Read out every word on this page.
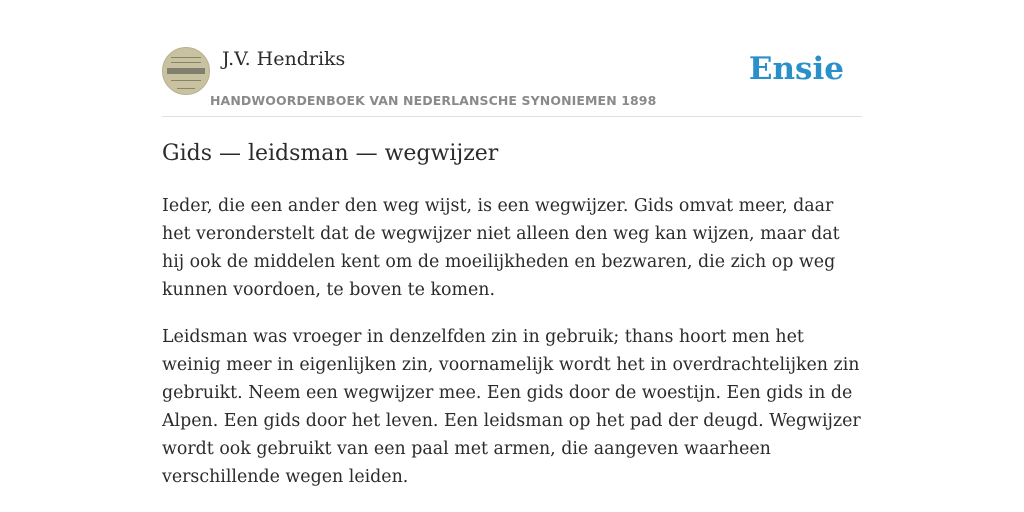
J.V. Hendriks
HANDWOORDENBOEK VAN NEDERLANSCHE SYNONIEMEN 1898
Ensie
Gids — leidsman — wegwijzer

Ieder, die een ander den weg wijst, is een wegwijzer. Gids omvat meer, daar het veronderstelt dat de wegwijzer niet alleen den weg kan wijzen, maar dat hij ook de middelen kent om de moeilijkheden en bezwaren, die zich op weg kunnen voordoen, te boven te komen.

Leidsman was vroeger in denzelfden zin in gebruik; thans hoort men het weinig meer in eigenlijken zin, voornamelijk wordt het in overdrachtelijken zin gebruikt. Neem een wegwijzer mee. Een gids door de woestijn. Een gids in de Alpen. Een gids door het leven. Een leidsman op het pad der deugd. Wegwijzer wordt ook gebruikt van een paal met armen, die aangeven waarheen verschillende wegen leiden.
